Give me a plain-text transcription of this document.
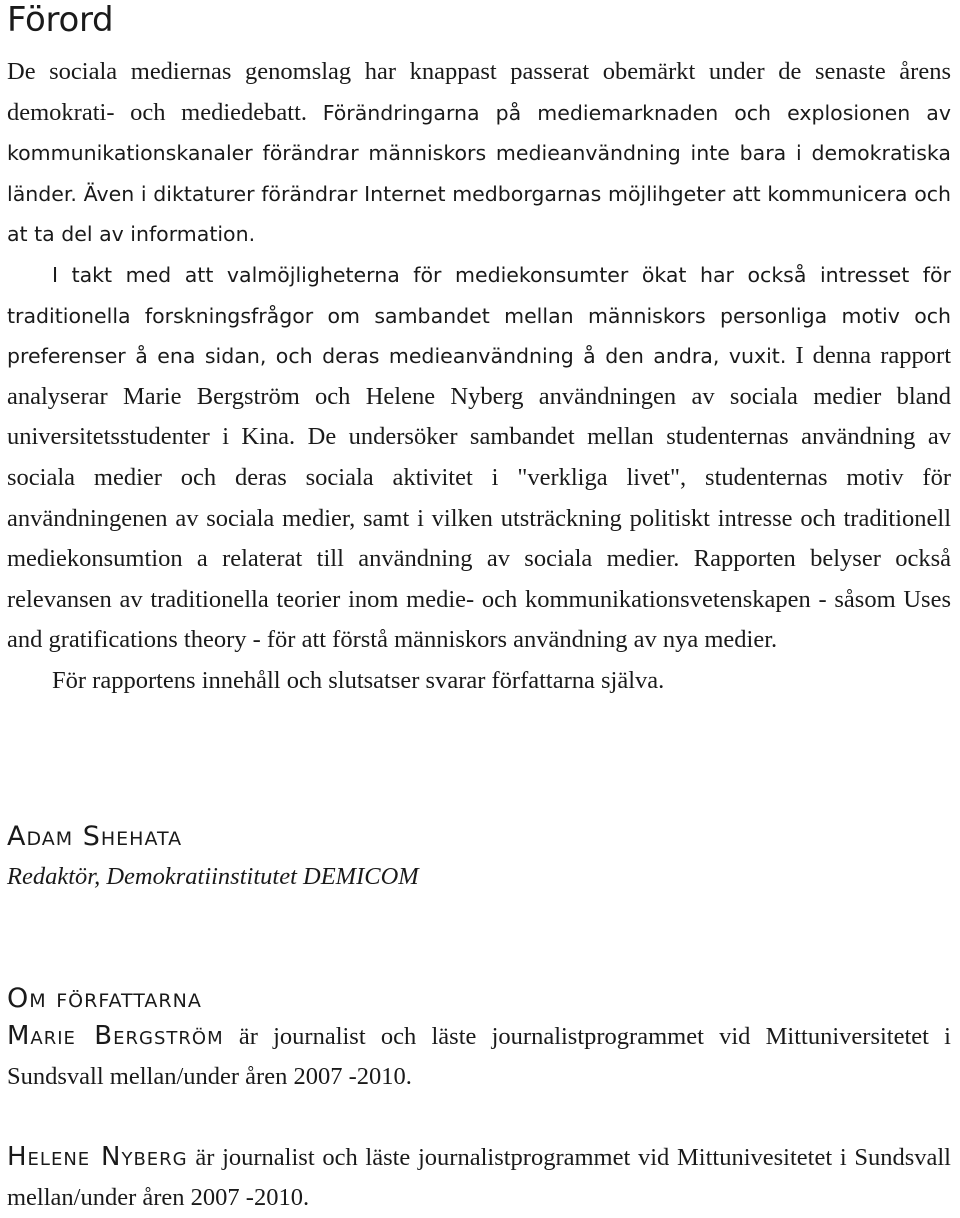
Förord

De sociala mediernas genomslag har knappast passerat obemärkt under de senaste årens demokrati- och mediedebatt. Förändringarna på mediemarknaden och explosionen av kommunikationskanaler förändrar människors medieanvändning inte bara i demokratiska länder. Även i diktaturer förändrar Internet medborgarnas möjlihgeter att kommunicera och at ta del av information.

I takt med att valmöjligheterna för mediekonsumter ökat har också intresset för traditionella forskningsfrågor om sambandet mellan människors personliga motiv och preferenser å ena sidan, och deras medieanvändning å den andra, vuxit. I denna rapport analyserar Marie Bergström och Helene Nyberg användningen av sociala medier bland universitetsstudenter i Kina. De undersöker sambandet mellan studenternas användning av sociala medier och deras sociala aktivitet i "verkliga livet", studenternas motiv för användningenen av sociala medier, samt i vilken utsträckning politiskt intresse och traditionell mediekonsumtion a relaterat till användning av sociala medier. Rapporten belyser också relevansen av traditionella teorier inom medie- och kommunikationsvetenskapen - såsom Uses and gratifications theory - för att förstå människors användning av nya medier.

För rapportens innehåll och slutsatser svarar författarna själva.

Adam Shehata

Redaktör, Demokratiinstitutet DEMICOM

Om författarna

Marie Bergström är journalist och läste journalistprogrammet vid Mittuniversitetet i Sundsvall mellan/under åren 2007 -2010.

Helene Nyberg är journalist och läste journalistprogrammet vid Mittunivesitetet i Sundsvall mellan/under åren 2007 -2010.
